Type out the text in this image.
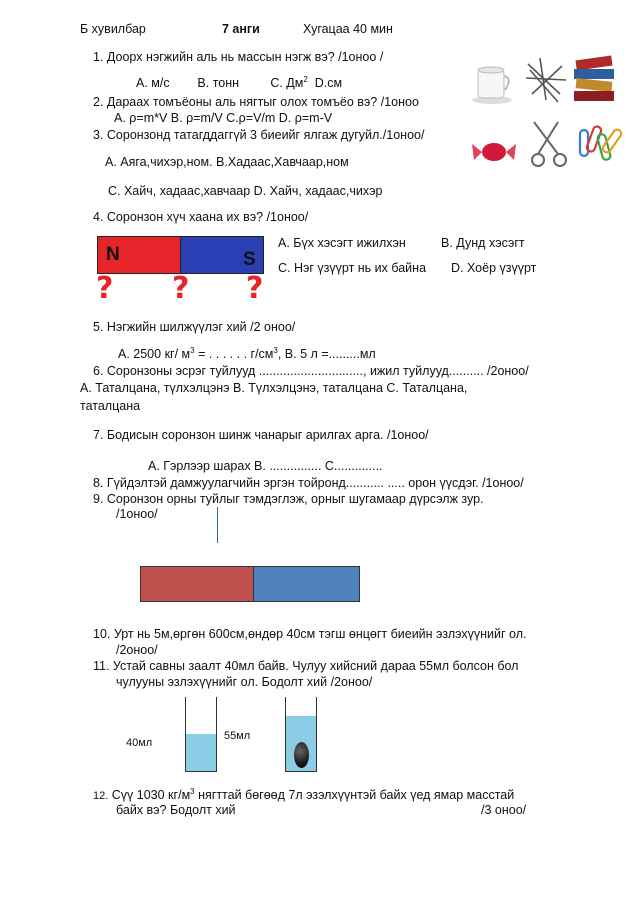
Б хувилбар	7 анги	Хугацаа 40 мин
1. Доорх нэгжийн аль нь массын нэгж вэ? /1оноо /
А. м/с В. тонн	С. $Дм^2$ D.см
2. Дараах томъёоны аль нягтыг олох томъёо вэ? /1оноо
А. ρ=m*V В. ρ=m/V C.ρ=V/m D. ρ=m-V
3. Соронзонд татагддаггүй 3 биеийг ялгаж дугуйл./1оноо/
А. Аяга,чихэр,ном. В.Хадаас,Хавчаар,ном
С. Хайч, хадаас,хавчаар D. Хайч, хадаас,чихэр
4. Соронзон хүч хаана их вэ? /1оноо/
N	S
? ? ?
А. Бүх хэсэгт ижилхэн	В. Дунд хэсэгт
С. Нэг үзүүрт нь их байна D. Хоёр үзүүрт
5. Нэгжийн шилжүүлэг хий /2 оноо/
А. 2500 кг/ $м^3$ = . . . . . . $г/см^3$, В. 5 л =.........мл
6. Соронзоны эсрэг туйлууд .............................., ижил туйлууд.......... /2оноо/
А. Таталцана, түлхэлцэнэ В. Түлхэлцэнэ, таталцана С. Таталцана,
таталцана
7. Бодисын соронзон шинж чанарыг арилгах арга. /1оноо/
А. Гэрлээр шарах В. ............... С..............
8. Гүйдэлтэй дамжуулагчийн эргэн тойронд........... ..... орон үүсдэг. /1оноо/
9. Соронзон орны туйлыг тэмдэглэж, орныг шугамаар дүрсэлж зур.
/1оноо/
10. Урт нь 5м,өргөн 600см,өндөр 40см тэгш өнцөгт биеийн эзлэхүүнийг ол.
/2оноо/
11. Устай савны заалт 40мл байв. Чулуу хийсний дараа 55мл болсон бол
чулууны эзлэхүүнийг ол. Бодолт хий /2оноо/
40мл
55мл
12. Сүү 1030 $кг/м^3$ нягттай бөгөөд 7л эзэлхүүнтэй байх үед ямар масстай
байх вэ? Бодолт хий	/3 оноо/
